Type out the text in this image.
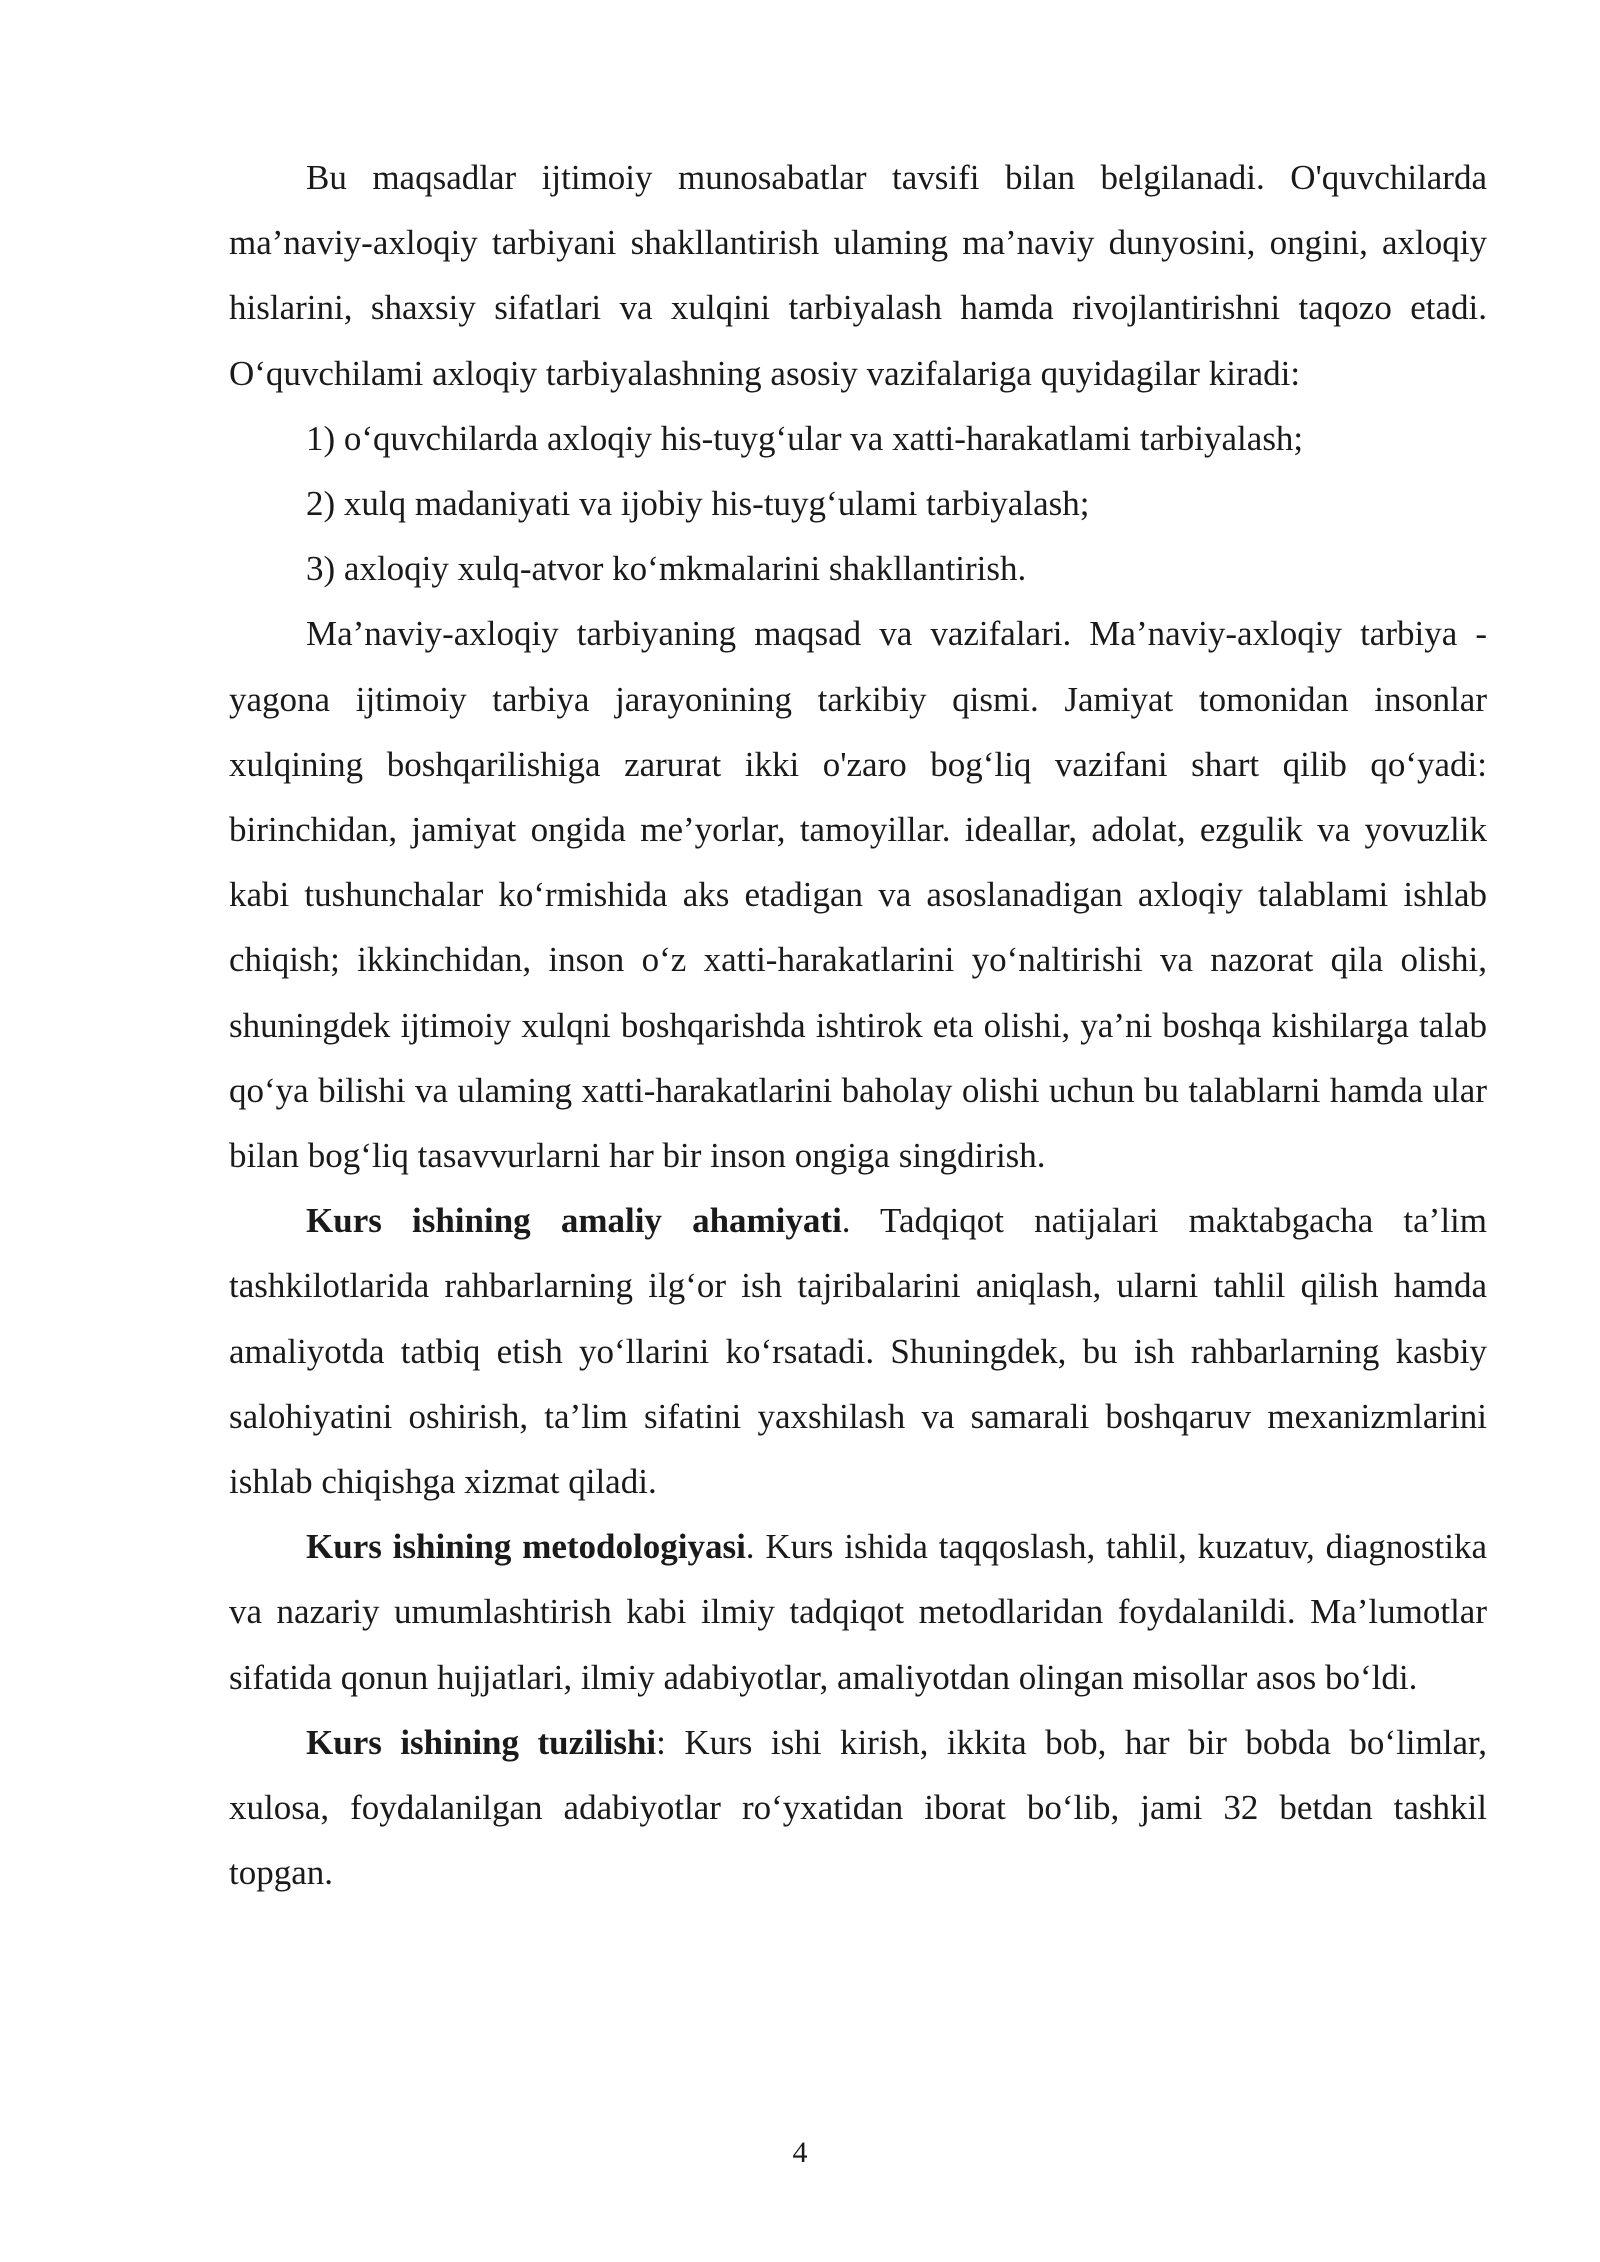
Bu maqsadlar ijtimoiy munosabatlar tavsifi bilan belgilanadi. O'quvchilarda ma’naviy-axloqiy tarbiyani shakllantirish ulaming ma’naviy dunyosini, ongini, axloqiy hislarini, shaxsiy sifatlari va xulqini tarbiyalash hamda rivojlantirishni taqozo etadi. O‘quvchilami axloqiy tarbiyalashning asosiy vazifalariga quyidagilar kiradi:

1) o‘quvchilarda axloqiy his-tuyg‘ular va xatti-harakatlami tarbiyalash;

2) xulq madaniyati va ijobiy his-tuyg‘ulami tarbiyalash;

3) axloqiy xulq-atvor ko‘mkmalarini shakllantirish.

Ma’naviy-axloqiy tarbiyaning maqsad va vazifalari. Ma’naviy-axloqiy tarbiya - yagona ijtimoiy tarbiya jarayonining tarkibiy qismi. Jamiyat tomonidan insonlar xulqining boshqarilishiga zarurat ikki o'zaro bog‘liq vazifani shart qilib qo‘yadi: birinchidan, jamiyat ongida me’yorlar, tamoyillar. ideallar, adolat, ezgulik va yovuzlik kabi tushunchalar ko‘rmishida aks etadigan va asoslanadigan axloqiy talablami ishlab chiqish; ikkinchidan, inson o‘z xatti-harakatlarini yo‘naltirishi va nazorat qila olishi, shuningdek ijtimoiy xulqni boshqarishda ishtirok eta olishi, ya’ni boshqa kishilarga talab qo‘ya bilishi va ulaming xatti-harakatlarini baholay olishi uchun bu talablarni hamda ular bilan bog‘liq tasavvurlarni har bir inson ongiga singdirish.

Kurs ishining amaliy ahamiyati. Tadqiqot natijalari maktabgacha ta’lim tashkilotlarida rahbarlarning ilg‘or ish tajribalarini aniqlash, ularni tahlil qilish hamda amaliyotda tatbiq etish yo‘llarini ko‘rsatadi. Shuningdek, bu ish rahbarlarning kasbiy salohiyatini oshirish, ta’lim sifatini yaxshilash va samarali boshqaruv mexanizmlarini ishlab chiqishga xizmat qiladi.

Kurs ishining metodologiyasi. Kurs ishida taqqoslash, tahlil, kuzatuv, diagnostika va nazariy umumlashtirish kabi ilmiy tadqiqot metodlaridan foydalanildi. Ma’lumotlar sifatida qonun hujjatlari, ilmiy adabiyotlar, amaliyotdan olingan misollar asos bo‘ldi.

Kurs ishining tuzilishi: Kurs ishi kirish, ikkita bob, har bir bobda bo‘limlar, xulosa, foydalanilgan adabiyotlar ro‘yxatidan iborat bo‘lib, jami 32 betdan tashkil topgan.

4
